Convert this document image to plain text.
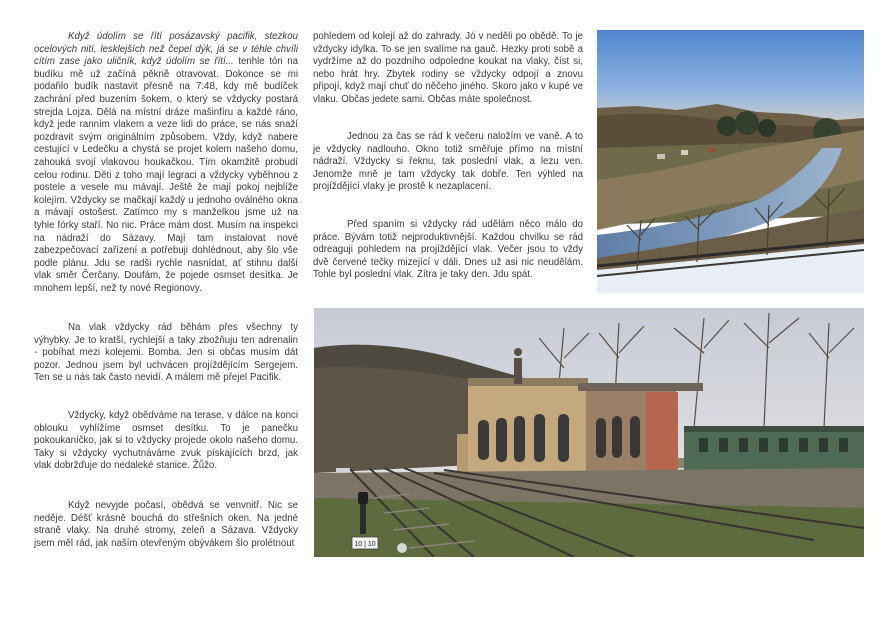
Když údolím se řítí posázavský pacifik, stezkou ocelových nití, lesklejších než čepel dýk, já se v téhle chvíli cítím zase jako uličník, když údolím se řítí... tenhle tón na budíku mě už začíná pěkně otravovat. Dokonce se mi podařilo budík nastavit přesně na 7:48, kdy mě budíček zachrání před buzením šokem, o který se vždycky postará strejda Lojza. Dělá na místní dráze mašinfíru a každé ráno, když jede ranním vlakem a veze lidi do práce, se nás snaží pozdravit svým originálním způsobem. Vždy, když nabere cestující v Ledečku a chystá se projet kolem našeho domu, zahouká svojí vlakovou houkačkou. Tím okamžitě probudí celou rodinu. Děti z toho mají legraci a vždycky vyběhnou z postele a vesele mu mávají. Ještě že mají pokoj nejblíže kolejím. Vždycky se mačkají každý u jednoho oválného okna a mávají ostošest. Zatímco my s manželkou jsme už na tyhle fórky staří. No nic. Práce mám dost. Musím na inspekci na nádraží do Sázavy. Mají tam instalovat nové zabezpečovací zařízení a potřebuji dohlédnout, aby šlo vše podle plánu. Jdu se radši rychle nasnídat, ať stihnu další vlak směr Čerčany. Doufám, že pojede osmset desítka. Je mnohem lepší, než ty nové Regionovy.

Na vlak vždycky rád běhám přes všechny ty výhybky. Je to kratší, rychlejší a taky zbožňuju ten adrenalin - pobíhat mezi kolejemi. Bomba. Jen si občas musím dát pozor. Jednou jsem byl uchvácen projíždějícím Sergejem. Ten se u nás tak často nevidí. A málem mě přejel Pacifik.

Vždycky, když obědváme na terase, v dálce na konci oblouku vyhlížíme osmset desítku. To je panečku pokoukaníčko, jak si to vždycky projede okolo našeho domu. Taky si vždycky vychutnáváme zvuk pískajících brzd, jak vlak dobržďuje do nedaleké stanice. Žůžo.

Když nevyjde počasí, obědvá se venvnitř. Nic se neděje. Déšť krásně bouchá do střešních oken. Na jedné straně vlaky. Na druhé stromy, zeleň a Sázava. Vždycky jsem měl rád, jak naším otevřeným obývákem šlo prolétnout

pohledem od kolejí až do zahrady. Jó v neděli po obědě. To je vždycky idylka. To se jen svalíme na gauč. Hezky proti sobě a vydržíme až do pozdního odpoledne koukat na vlaky, číst si, nebo hrát hry. Zbytek rodiny se vždycky odpojí a znovu připojí, když mají chuť do něčeho jiného. Skoro jako v kupé ve vlaku. Občas jedete sami. Občas máte společnost.

Jednou za čas se rád k večeru naložím ve vaně. A to je vždycky nadlouho. Okno totiž směřuje přímo na místní nádraží. Vždycky si řeknu, tak poslední vlak, a lezu ven. Jenomže mně je tam vždycky tak dobře. Ten výhled na projíždějící vlaky je prostě k nezaplacení.

Před spaním si vždycky rád udělám něco málo do práce. Bývám totiž nejproduktivnější. Každou chvilku se rád odreaguji pohledem na projíždějící vlak. Večer jsou to vždy dvě červené tečky mizející v dáli. Dnes už asi nic neudělám. Tohle byl poslední vlak. Zítra je taky den. Jdu spát.

10 | 10
